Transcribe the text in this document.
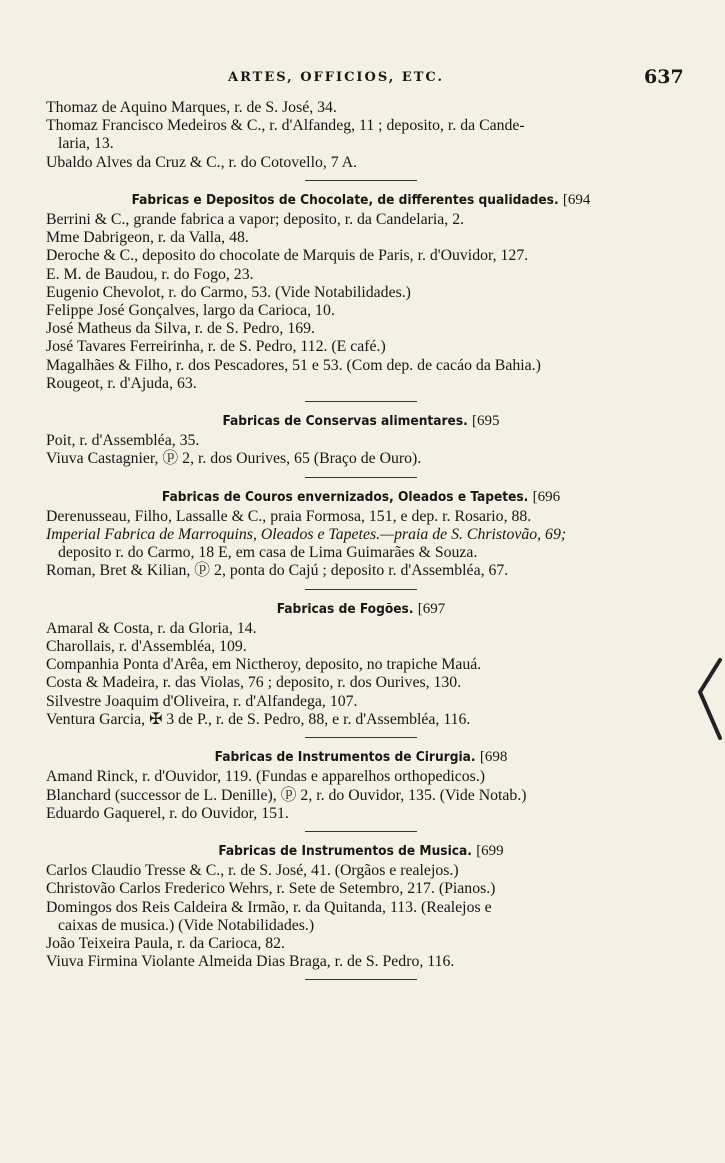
ARTES, OFFICIOS, ETC.	637
Thomaz de Aquino Marques, r. de S. José, 34.
Thomaz Francisco Medeiros & C., r. d'Alfandeg, 11 ; deposito, r. da Cande-
laria, 13.
Ubaldo Alves da Cruz & C., r. do Cotovello, 7 A.
Fabricas e Depositos de Chocolate, de differentes qualidades. [694
Berrini & C., grande fabrica a vapor; deposito, r. da Candelaria, 2.
Mme Dabrigeon, r. da Valla, 48.
Deroche & C., deposito do chocolate de Marquis de Paris, r. d'Ouvidor, 127.
E. M. de Baudou, r. do Fogo, 23.
Eugenio Chevolot, r. do Carmo, 53. (Vide Notabilidades.)
Felippe José Gonçalves, largo da Carioca, 10.
José Matheus da Silva, r. de S. Pedro, 169.
José Tavares Ferreirinha, r. de S. Pedro, 112. (E café.)
Magalhães & Filho, r. dos Pescadores, 51 e 53. (Com dep. de cacáo da Bahia.)
Rougeot, r. d'Ajuda, 63.
Fabricas de Conservas alimentares. [695
Poit, r. d'Assembléa, 35.
Viuva Castagnier, ⓟ 2, r. dos Ourives, 65 (Braço de Ouro).
Fabricas de Couros envernizados, Oleados e Tapetes. [696
Derenusseau, Filho, Lassalle & C., praia Formosa, 151, e dep. r. Rosario, 88.
Imperial Fabrica de Marroquins, Oleados e Tapetes.—praia de S. Christovão, 69;
deposito r. do Carmo, 18 E, em casa de Lima Guimarães & Souza.
Roman, Bret & Kilian, ⓟ 2, ponta do Cajú ; deposito r. d'Assembléa, 67.
Fabricas de Fogões. [697
Amaral & Costa, r. da Gloria, 14.
Charollais, r. d'Assembléa, 109.
Companhia Ponta d'Arêa, em Nictheroy, deposito, no trapiche Mauá.
Costa & Madeira, r. das Violas, 76 ; deposito, r. dos Ourives, 130.
Silvestre Joaquim d'Oliveira, r. d'Alfandega, 107.
Ventura Garcia, ✠ 3 de P., r. de S. Pedro, 88, e r. d'Assembléa, 116.
Fabricas de Instrumentos de Cirurgia. [698
Amand Rinck, r. d'Ouvidor, 119. (Fundas e apparelhos orthopedicos.)
Blanchard (successor de L. Denille), ⓟ 2, r. do Ouvidor, 135. (Vide Notab.)
Eduardo Gaquerel, r. do Ouvidor, 151.
Fabricas de Instrumentos de Musica. [699
Carlos Claudio Tresse & C., r. de S. José, 41. (Orgãos e realejos.)
Christovão Carlos Frederico Wehrs, r. Sete de Setembro, 217. (Pianos.)
Domingos dos Reis Caldeira & Irmão, r. da Quitanda, 113. (Realejos e
caixas de musica.) (Vide Notabilidades.)
João Teixeira Paula, r. da Carioca, 82.
Viuva Firmina Violante Almeida Dias Braga, r. de S. Pedro, 116.
